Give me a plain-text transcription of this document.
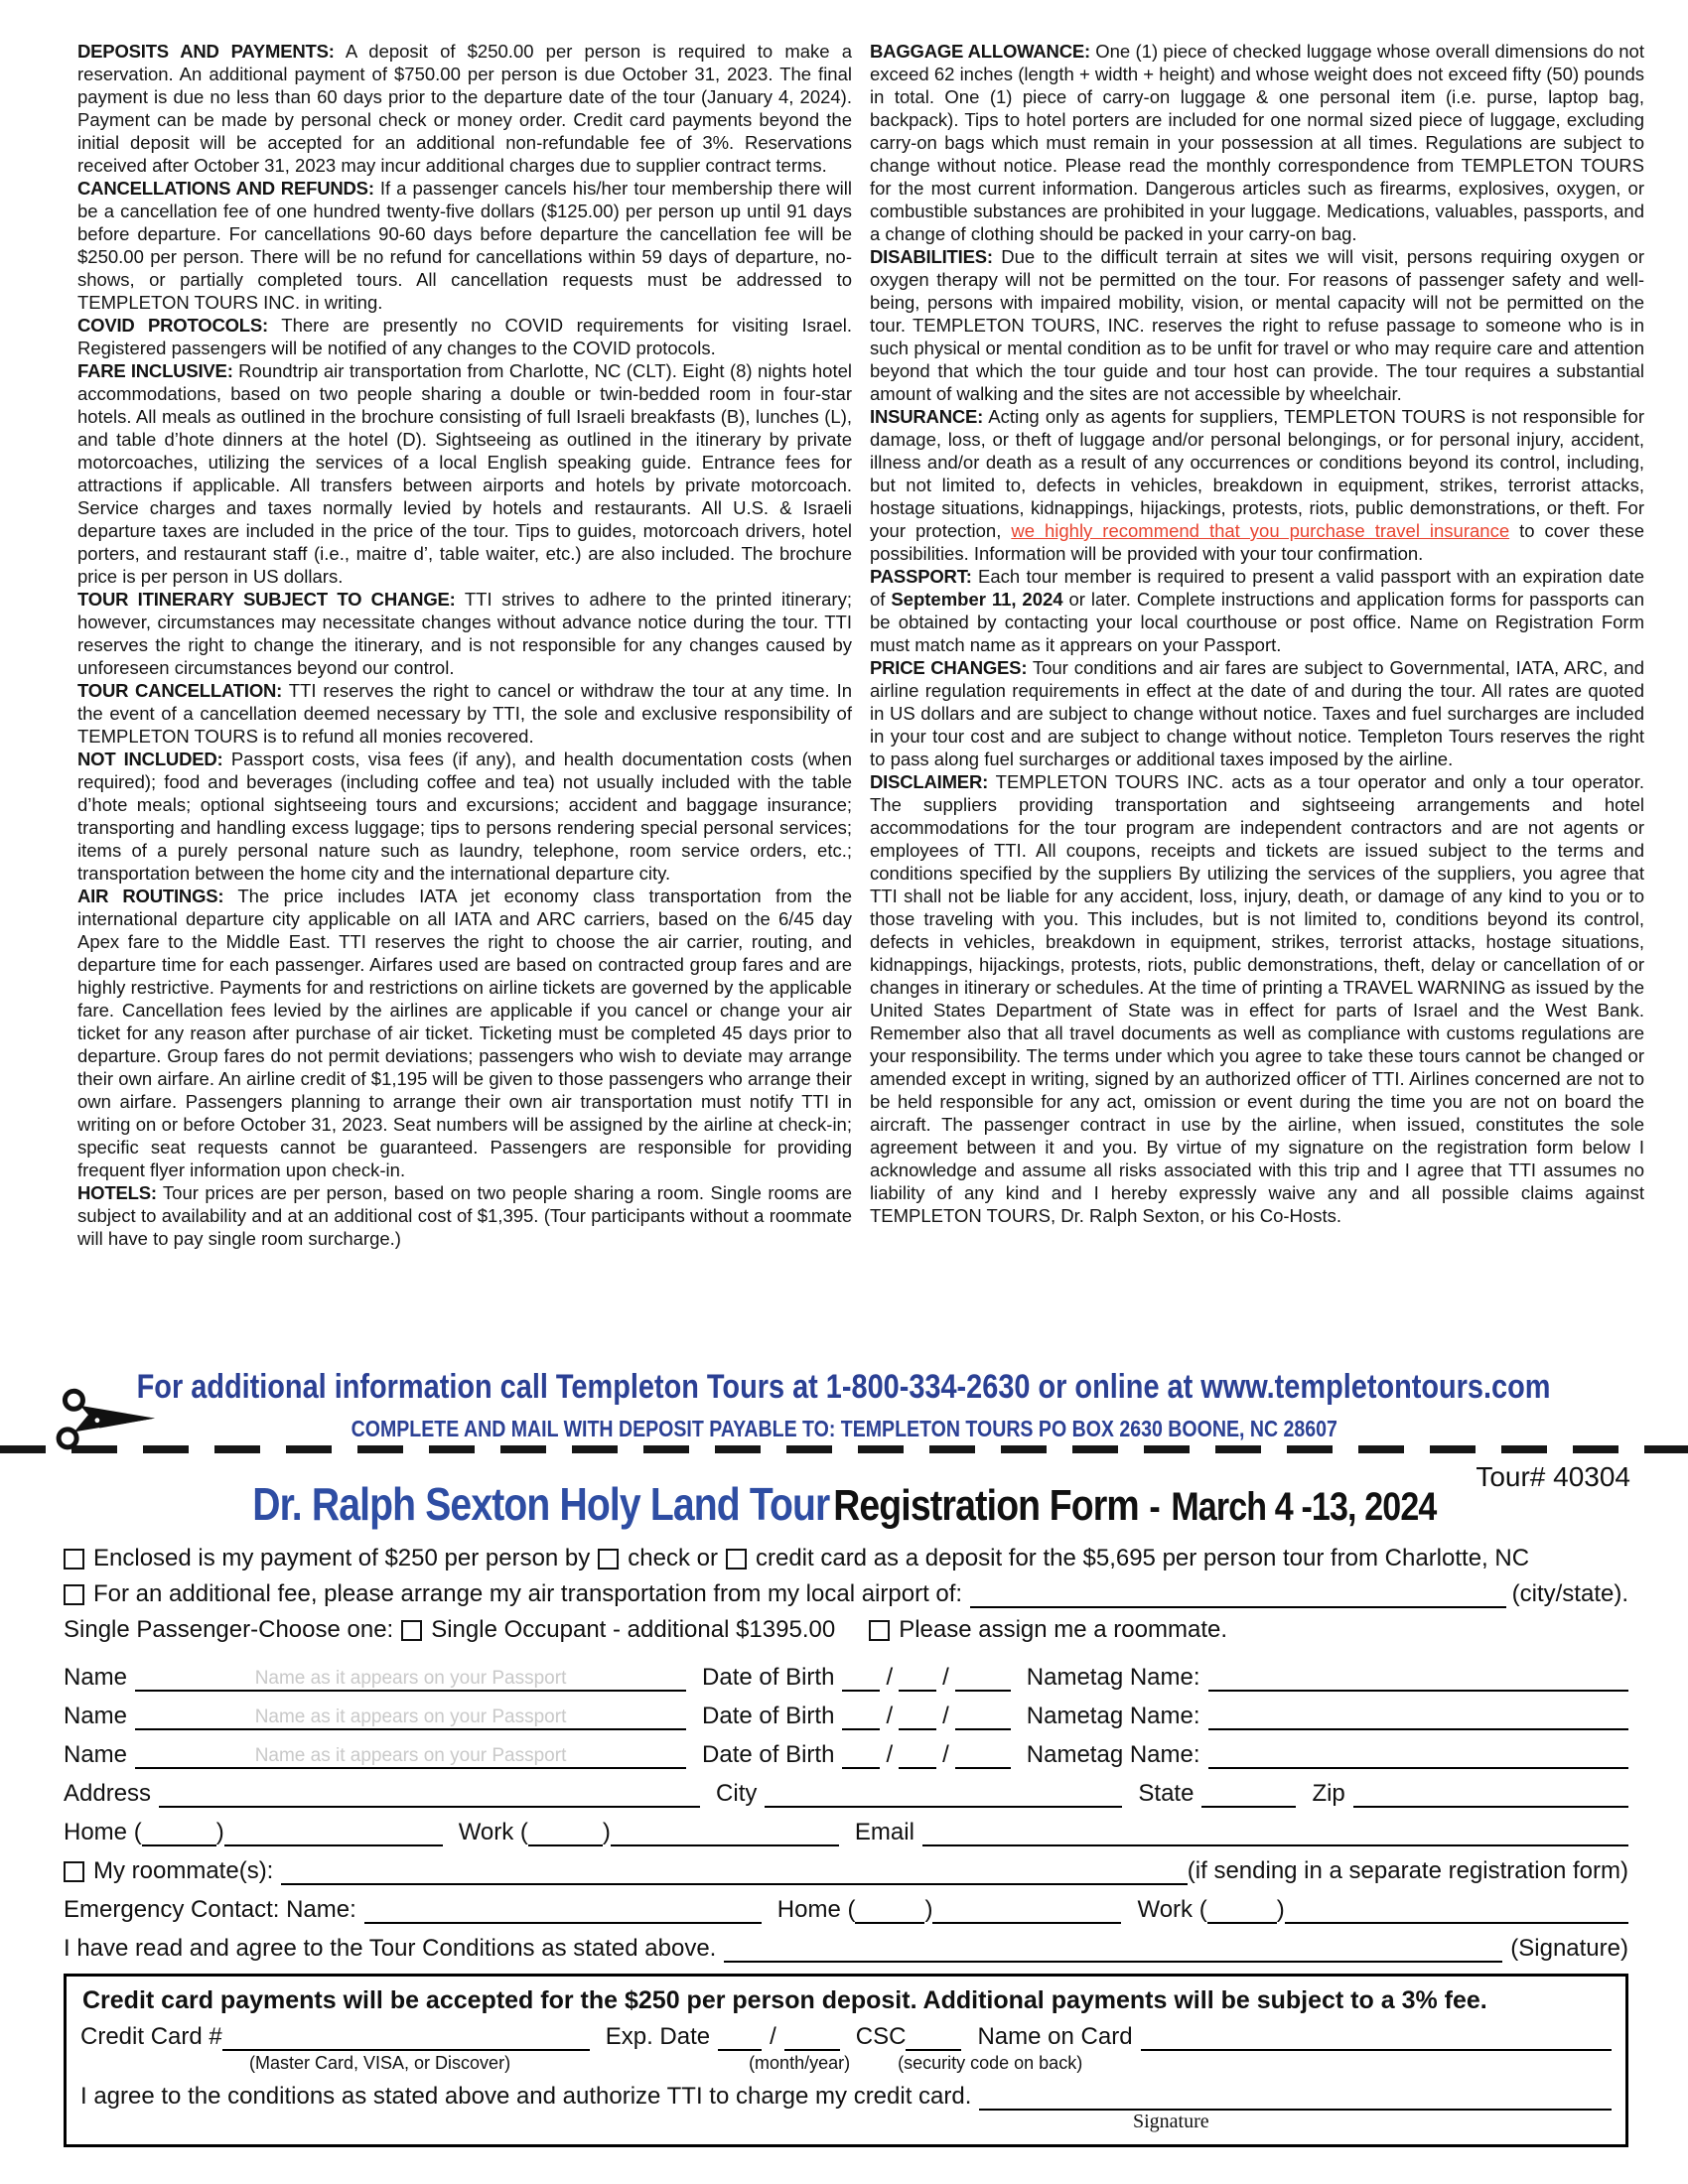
DEPOSITS AND PAYMENTS: A deposit of $250.00 per person is required to make a reservation. An additional payment of $750.00 per person is due October 31, 2023. The final payment is due no less than 60 days prior to the departure date of the tour (January 4, 2024). Payment can be made by personal check or money order. Credit card payments beyond the initial deposit will be accepted for an additional non-refundable fee of 3%. Reservations received after October 31, 2023 may incur additional charges due to supplier contract terms.

CANCELLATIONS AND REFUNDS: If a passenger cancels his/her tour membership there will be a cancellation fee of one hundred twenty-five dollars ($125.00) per person up until 91 days before departure. For cancellations 90-60 days before departure the cancellation fee will be $250.00 per person. There will be no refund for cancellations within 59 days of departure, no-shows, or partially completed tours. All cancellation requests must be addressed to TEMPLETON TOURS INC. in writing.

COVID PROTOCOLS: There are presently no COVID requirements for visiting Israel. Registered passengers will be notified of any changes to the COVID protocols.

FARE INCLUSIVE: Roundtrip air transportation from Charlotte, NC (CLT). Eight (8) nights hotel accommodations, based on two people sharing a double or twin-bedded room in four-star hotels. All meals as outlined in the brochure consisting of full Israeli breakfasts (B), lunches (L), and table d’hote dinners at the hotel (D). Sightseeing as outlined in the itinerary by private motorcoaches, utilizing the services of a local English speaking guide. Entrance fees for attractions if applicable. All transfers between airports and hotels by private motorcoach. Service charges and taxes normally levied by hotels and restaurants. All U.S. & Israeli departure taxes are included in the price of the tour. Tips to guides, motorcoach drivers, hotel porters, and restaurant staff (i.e., maitre d’, table waiter, etc.) are also included. The brochure price is per person in US dollars.

TOUR ITINERARY SUBJECT TO CHANGE: TTI strives to adhere to the printed itinerary; however, circumstances may necessitate changes without advance notice during the tour. TTI reserves the right to change the itinerary, and is not responsible for any changes caused by unforeseen circumstances beyond our control.

TOUR CANCELLATION: TTI reserves the right to cancel or withdraw the tour at any time. In the event of a cancellation deemed necessary by TTI, the sole and exclusive responsibility of TEMPLETON TOURS is to refund all monies recovered.

NOT INCLUDED: Passport costs, visa fees (if any), and health documentation costs (when required); food and beverages (including coffee and tea) not usually included with the table d’hote meals; optional sightseeing tours and excursions; accident and baggage insurance; transporting and handling excess luggage; tips to persons rendering special personal services; items of a purely personal nature such as laundry, telephone, room service orders, etc.; transportation between the home city and the international departure city.

AIR ROUTINGS: The price includes IATA jet economy class transportation from the international departure city applicable on all IATA and ARC carriers, based on the 6/45 day Apex fare to the Middle East. TTI reserves the right to choose the air carrier, routing, and departure time for each passenger. Airfares used are based on contracted group fares and are highly restrictive. Payments for and restrictions on airline tickets are governed by the applicable fare. Cancellation fees levied by the airlines are applicable if you cancel or change your air ticket for any reason after purchase of air ticket. Ticketing must be completed 45 days prior to departure. Group fares do not permit deviations; passengers who wish to deviate may arrange their own airfare. An airline credit of $1,195 will be given to those passengers who arrange their own airfare. Passengers planning to arrange their own air transportation must notify TTI in writing on or before October 31, 2023. Seat numbers will be assigned by the airline at check-in; specific seat requests cannot be guaranteed. Passengers are responsible for providing frequent flyer information upon check-in.

HOTELS: Tour prices are per person, based on two people sharing a room. Single rooms are subject to availability and at an additional cost of $1,395. (Tour participants without a roommate will have to pay single room surcharge.)

BAGGAGE ALLOWANCE: One (1) piece of checked luggage whose overall dimensions do not exceed 62 inches (length + width + height) and whose weight does not exceed fifty (50) pounds in total. One (1) piece of carry-on luggage & one personal item (i.e. purse, laptop bag, backpack). Tips to hotel porters are included for one normal sized piece of luggage, excluding carry-on bags which must remain in your possession at all times. Regulations are subject to change without notice. Please read the monthly correspondence from TEMPLETON TOURS for the most current information. Dangerous articles such as firearms, explosives, oxygen, or combustible substances are prohibited in your luggage. Medications, valuables, passports, and a change of clothing should be packed in your carry-on bag.

DISABILITIES: Due to the difficult terrain at sites we will visit, persons requiring oxygen or oxygen therapy will not be permitted on the tour. For reasons of passenger safety and well-being, persons with impaired mobility, vision, or mental capacity will not be permitted on the tour. TEMPLETON TOURS, INC. reserves the right to refuse passage to someone who is in such physical or mental condition as to be unfit for travel or who may require care and attention beyond that which the tour guide and tour host can provide. The tour requires a substantial amount of walking and the sites are not accessible by wheelchair.

INSURANCE: Acting only as agents for suppliers, TEMPLETON TOURS is not responsible for damage, loss, or theft of luggage and/or personal belongings, or for personal injury, accident, illness and/or death as a result of any occurrences or conditions beyond its control, including, but not limited to, defects in vehicles, breakdown in equipment, strikes, terrorist attacks, hostage situations, kidnappings, hijackings, protests, riots, public demonstrations, or theft. For your protection, we highly recommend that you purchase travel insurance to cover these possibilities. Information will be provided with your tour confirmation.

PASSPORT: Each tour member is required to present a valid passport with an expiration date of September 11, 2024 or later. Complete instructions and application forms for passports can be obtained by contacting your local courthouse or post office. Name on Registration Form must match name as it apprears on your Passport.

PRICE CHANGES: Tour conditions and air fares are subject to Governmental, IATA, ARC, and airline regulation requirements in effect at the date of and during the tour. All rates are quoted in US dollars and are subject to change without notice. Taxes and fuel surcharges are included in your tour cost and are subject to change without notice. Templeton Tours reserves the right to pass along fuel surcharges or additional taxes imposed by the airline.

DISCLAIMER: TEMPLETON TOURS INC. acts as a tour operator and only a tour operator. The suppliers providing transportation and sightseeing arrangements and hotel accommodations for the tour program are independent contractors and are not agents or employees of TTI. All coupons, receipts and tickets are issued subject to the terms and conditions specified by the suppliers By utilizing the services of the suppliers, you agree that TTI shall not be liable for any accident, loss, injury, death, or damage of any kind to you or to those traveling with you. This includes, but is not limited to, conditions beyond its control, defects in vehicles, breakdown in equipment, strikes, terrorist attacks, hostage situations, kidnappings, hijackings, protests, riots, public demonstrations, theft, delay or cancellation of or changes in itinerary or schedules. At the time of printing a TRAVEL WARNING as issued by the United States Department of State was in effect for parts of Israel and the West Bank. Remember also that all travel documents as well as compliance with customs regulations are your responsibility. The terms under which you agree to take these tours cannot be changed or amended except in writing, signed by an authorized officer of TTI. Airlines concerned are not to be held responsible for any act, omission or event during the time you are not on board the aircraft. The passenger contract in use by the airline, when issued, constitutes the sole agreement between it and you. By virtue of my signature on the registration form below I acknowledge and assume all risks associated with this trip and I agree that TTI assumes no liability of any kind and I hereby expressly waive any and all possible claims against TEMPLETON TOURS, Dr. Ralph Sexton, or his Co-Hosts.

For additional information call Templeton Tours at 1-800-334-2630 or online at www.templetontours.com
COMPLETE AND MAIL WITH DEPOSIT PAYABLE TO: TEMPLETON TOURS PO BOX 2630 BOONE, NC 28607
Tour# 40304
Dr. Ralph Sexton Holy Land Tour Registration Form - March 4 -13, 2024
Enclosed is my payment of $250 per person by check or credit card as a deposit for the $5,695 per person tour from Charlotte, NC
For an additional fee, please arrange my air transportation from my local airport of:	(city/state).
Single Passenger-Choose one: Single Occupant - additional $1395.00	Please assign me a roommate.
Name	Name as it appears on your Passport	Date of Birth / /	Nametag Name:
Name	Name as it appears on your Passport	Date of Birth / /	Nametag Name:
Name	Name as it appears on your Passport	Date of Birth / /	Nametag Name:
Address	City	State	Zip
Home (	)	Work (	)	Email
My roommate(s):	(if sending in a separate registration form)
Emergency Contact: Name:	Home (	)	Work (	)
I have read and agree to the Tour Conditions as stated above.	(Signature)
Credit card payments will be accepted for the $250 per person deposit. Additional payments will be subject to a 3% fee.
Credit Card #	Exp. Date	/	CSC	Name on Card
(Master Card, VISA, or Discover)	(month/year)	(security code on back)
I agree to the conditions as stated above and authorize TTI to charge my credit card.
Signature
